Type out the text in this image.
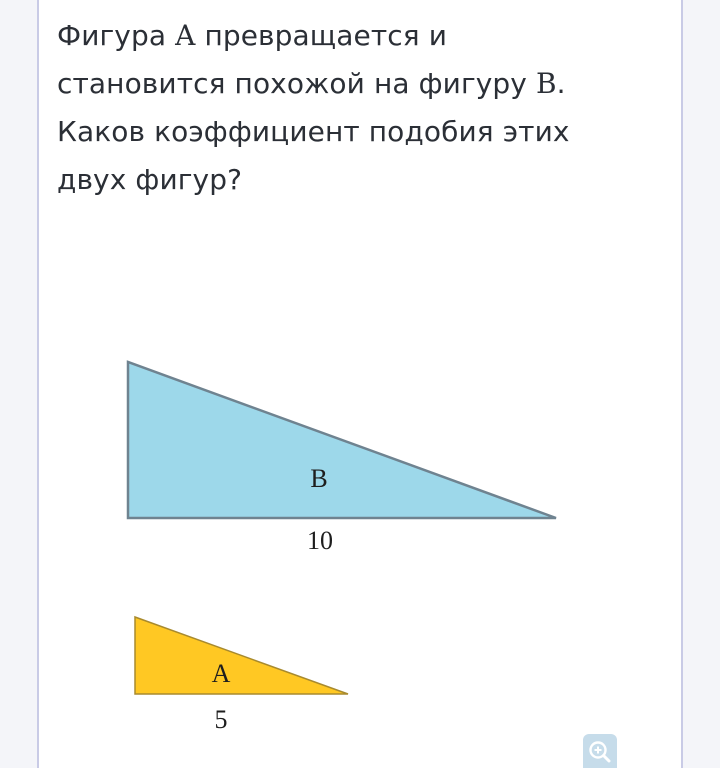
Фигура A превращается и становится похожой на фигуру B. Каков коэффициент подобия этих двух фигур?

B
10
A
5
